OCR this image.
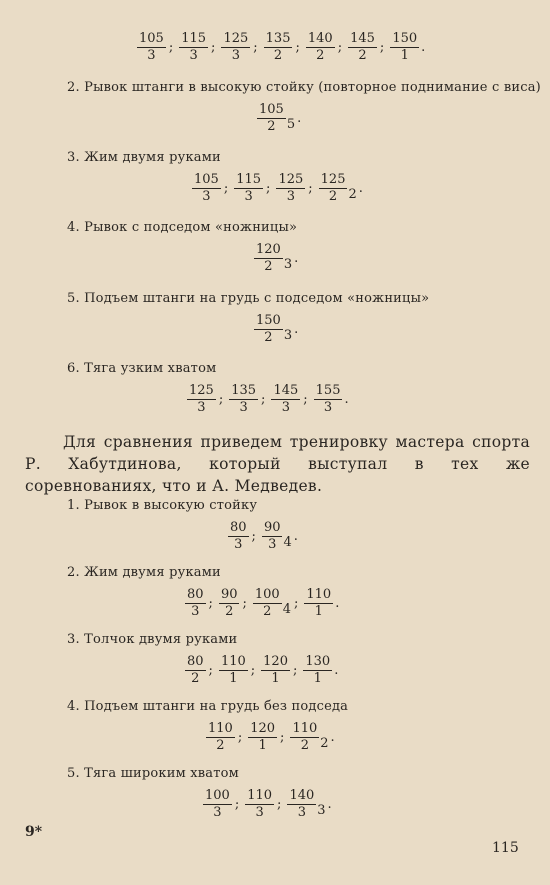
$\frac{105}{3}$ ; $\frac{115}{3}$ ; $\frac{125}{3}$ ; $\frac{135}{2}$ ; $\frac{140}{2}$ ; $\frac{145}{2}$ ; $\frac{150}{1}$ .
2. Рывок штанги в высокую стойку (повторное поднимание с виса)
$\frac{105}{2} 5$ .
3. Жим двумя руками
$\frac{105}{3}$ ; $\frac{115}{3}$ ; $\frac{125}{3}$ ; $\frac{125}{2} 2$ .
4. Рывок с подседом «ножницы»
$\frac{120}{2} 3$ .
5. Подъем штанги на грудь с подседом «ножницы»
$\frac{150}{2} 3$ .
6. Тяга узким хватом
$\frac{125}{3}$ ; $\frac{135}{3}$ ; $\frac{145}{3}$ ; $\frac{155}{3}$ .
Для сравнения приведем тренировку мастера спорта Р. Хабутдинова, который выступал в тех же соревнованиях, что и А. Медведев.
1. Рывок в высокую стойку
$\frac{80}{3}$ ; $\frac{90}{3} 4$ .
2. Жим двумя руками
$\frac{80}{3}$ ; $\frac{90}{2}$ ; $\frac{100}{2} 4$ ; $\frac{110}{1}$ .
3. Толчок двумя руками
$\frac{80}{2}$ ; $\frac{110}{1}$ ; $\frac{120}{1}$ ; $\frac{130}{1}$ .
4. Подъем штанги на грудь без подседа
$\frac{110}{2}$ ; $\frac{120}{1}$ ; $\frac{110}{2} 2$ .
5. Тяга широким хватом
$\frac{100}{3}$ ; $\frac{110}{3}$ ; $\frac{140}{3} 3$ .
9*
115
